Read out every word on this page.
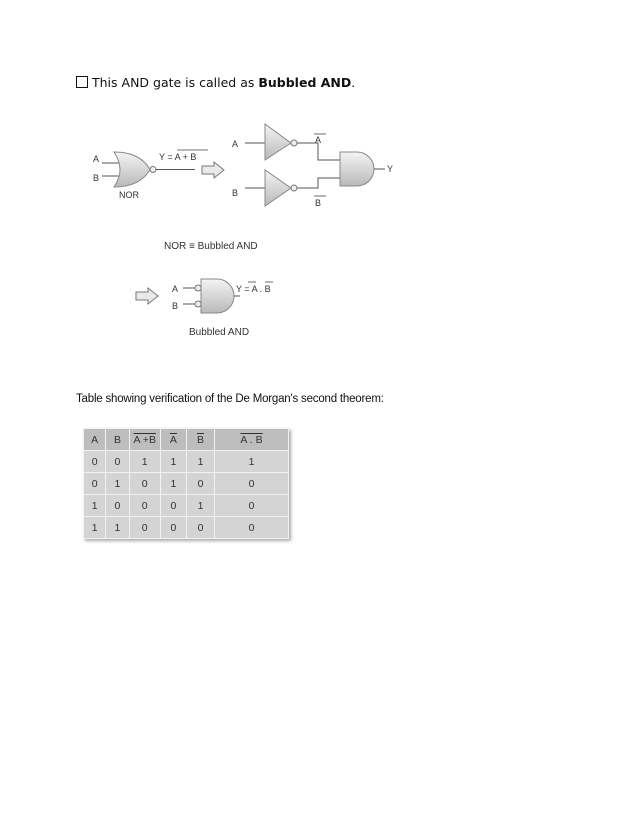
This AND gate is called as Bubbled AND.
A
B
NOR
Y = A + B
A	A
B
B
Y
NOR ≡ Bubbled AND
A
B
Y = A . B
Bubbled AND
Table showing verification of the De Morgan's second theorem:
A	B	A +B	$\overline{A}$	$\overline{B}$	A . B
0	0	1	1	1	1
0	1	0	1	0	0
1	0	0	0	1	0
1	1	0	0	0	0
